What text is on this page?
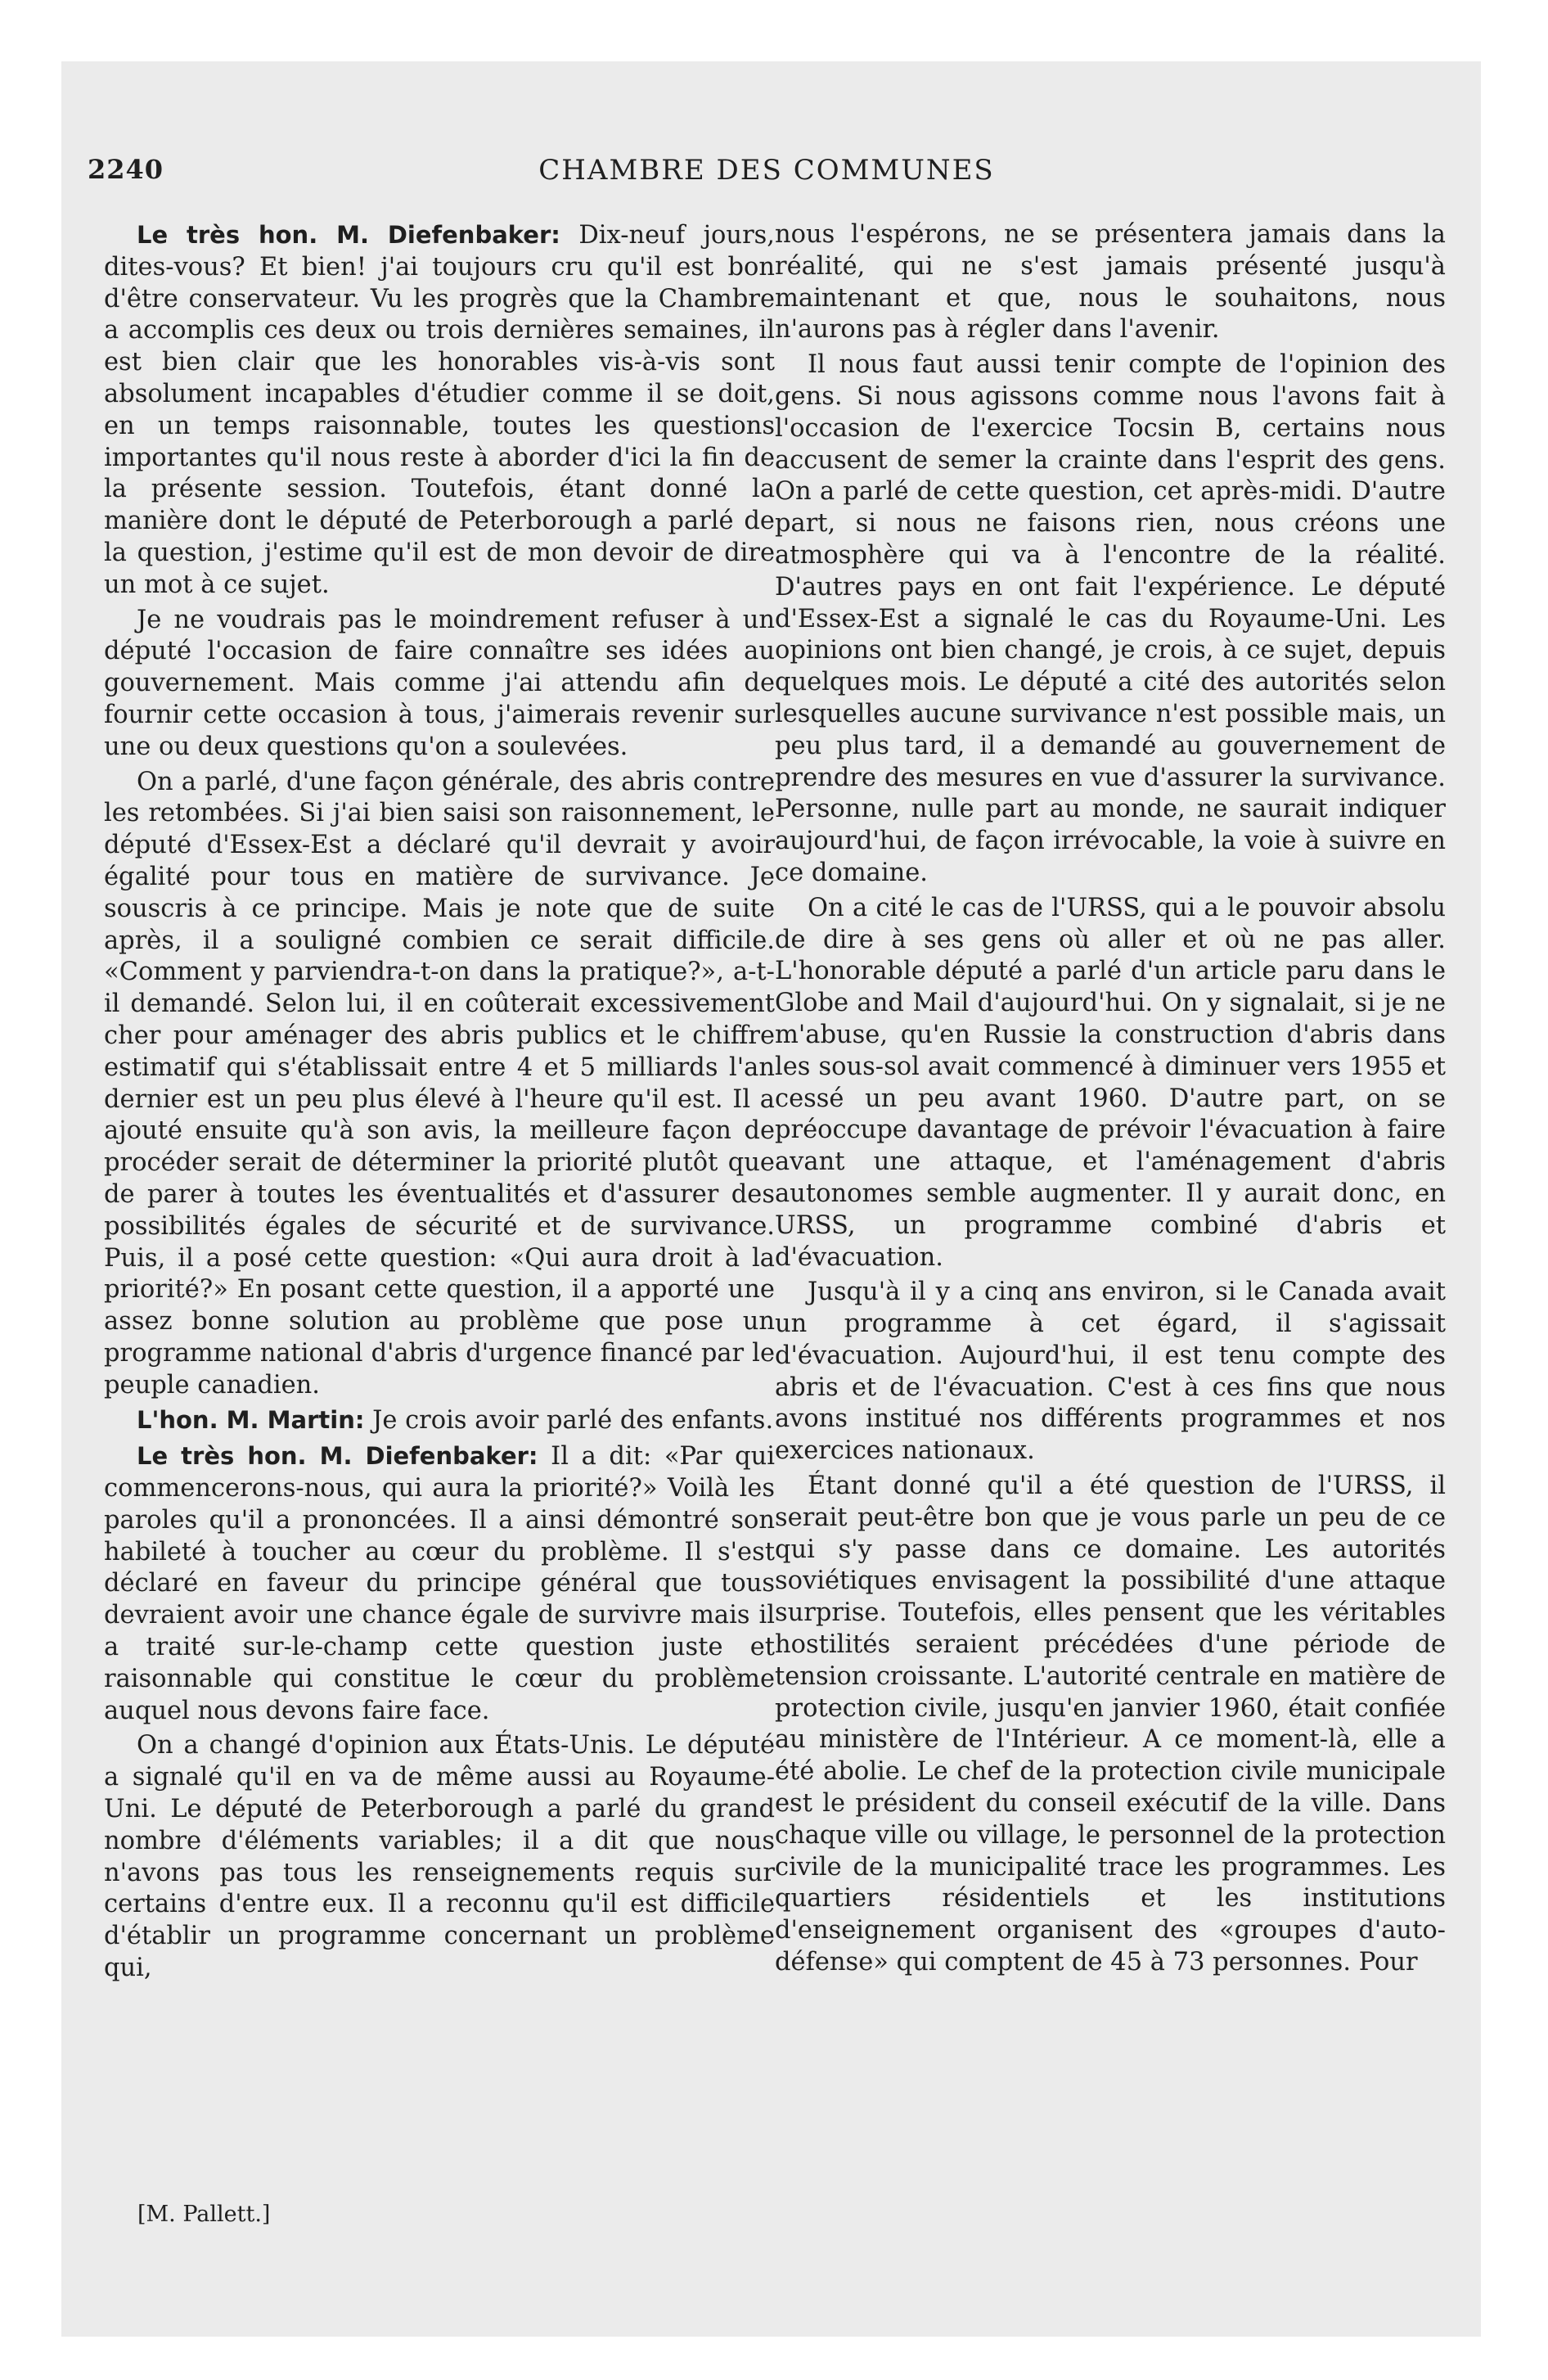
2240	CHAMBRE DES COMMUNES

Le très hon. M. Diefenbaker: Dix-neuf jours, dites-vous? Et bien! j'ai toujours cru qu'il est bon d'être conservateur. Vu les progrès que la Chambre a accomplis ces deux ou trois dernières semaines, il est bien clair que les honorables vis-à-vis sont absolument incapables d'étudier comme il se doit, en un temps raisonnable, toutes les questions importantes qu'il nous reste à aborder d'ici la fin de la présente session. Toutefois, étant donné la manière dont le député de Peterborough a parlé de la question, j'estime qu'il est de mon devoir de dire un mot à ce sujet.

Je ne voudrais pas le moindrement refuser à un député l'occasion de faire connaître ses idées au gouvernement. Mais comme j'ai attendu afin de fournir cette occasion à tous, j'aimerais revenir sur une ou deux questions qu'on a soulevées.

On a parlé, d'une façon générale, des abris contre les retombées. Si j'ai bien saisi son raisonnement, le député d'Essex-Est a déclaré qu'il devrait y avoir égalité pour tous en matière de survivance. Je souscris à ce principe. Mais je note que de suite après, il a souligné combien ce serait difficile. «Comment y parviendra-t-on dans la pratique?», a-t-il demandé. Selon lui, il en coûterait excessivement cher pour aménager des abris publics et le chiffre estimatif qui s'établissait entre 4 et 5 milliards l'an dernier est un peu plus élevé à l'heure qu'il est. Il a ajouté ensuite qu'à son avis, la meilleure façon de procéder serait de déterminer la priorité plutôt que de parer à toutes les éventualités et d'assurer des possibilités égales de sécurité et de survivance. Puis, il a posé cette question: «Qui aura droit à la priorité?» En posant cette question, il a apporté une assez bonne solution au problème que pose un programme national d'abris d'urgence financé par le peuple canadien.

L'hon. M. Martin: Je crois avoir parlé des enfants.

Le très hon. M. Diefenbaker: Il a dit: «Par qui commencerons-nous, qui aura la priorité?» Voilà les paroles qu'il a prononcées. Il a ainsi démontré son habileté à toucher au cœur du problème. Il s'est déclaré en faveur du principe général que tous devraient avoir une chance égale de survivre mais il a traité sur-le-champ cette question juste et raisonnable qui constitue le cœur du problème auquel nous devons faire face.

On a changé d'opinion aux États-Unis. Le député a signalé qu'il en va de même aussi au Royaume-Uni. Le député de Peterborough a parlé du grand nombre d'éléments variables; il a dit que nous n'avons pas tous les renseignements requis sur certains d'entre eux. Il a reconnu qu'il est difficile d'établir un programme concernant un problème qui,

nous l'espérons, ne se présentera jamais dans la réalité, qui ne s'est jamais présenté jusqu'à maintenant et que, nous le souhaitons, nous n'aurons pas à régler dans l'avenir.

Il nous faut aussi tenir compte de l'opinion des gens. Si nous agissons comme nous l'avons fait à l'occasion de l'exercice Tocsin B, certains nous accusent de semer la crainte dans l'esprit des gens. On a parlé de cette question, cet après-midi. D'autre part, si nous ne faisons rien, nous créons une atmosphère qui va à l'encontre de la réalité. D'autres pays en ont fait l'expérience. Le député d'Essex-Est a signalé le cas du Royaume-Uni. Les opinions ont bien changé, je crois, à ce sujet, depuis quelques mois. Le député a cité des autorités selon lesquelles aucune survivance n'est possible mais, un peu plus tard, il a demandé au gouvernement de prendre des mesures en vue d'assurer la survivance. Personne, nulle part au monde, ne saurait indiquer aujourd'hui, de façon irrévocable, la voie à suivre en ce domaine.

On a cité le cas de l'URSS, qui a le pouvoir absolu de dire à ses gens où aller et où ne pas aller. L'honorable député a parlé d'un article paru dans le Globe and Mail d'aujourd'hui. On y signalait, si je ne m'abuse, qu'en Russie la construction d'abris dans les sous-sol avait commencé à diminuer vers 1955 et cessé un peu avant 1960. D'autre part, on se préoccupe davantage de prévoir l'évacuation à faire avant une attaque, et l'aménagement d'abris autonomes semble augmenter. Il y aurait donc, en URSS, un programme combiné d'abris et d'évacuation.

Jusqu'à il y a cinq ans environ, si le Canada avait un programme à cet égard, il s'agissait d'évacuation. Aujourd'hui, il est tenu compte des abris et de l'évacuation. C'est à ces fins que nous avons institué nos différents programmes et nos exercices nationaux.

Étant donné qu'il a été question de l'URSS, il serait peut-être bon que je vous parle un peu de ce qui s'y passe dans ce domaine. Les autorités soviétiques envisagent la possibilité d'une attaque surprise. Toutefois, elles pensent que les véritables hostilités seraient précédées d'une période de tension croissante. L'autorité centrale en matière de protection civile, jusqu'en janvier 1960, était confiée au ministère de l'Intérieur. A ce moment-là, elle a été abolie. Le chef de la protection civile municipale est le président du conseil exécutif de la ville. Dans chaque ville ou village, le personnel de la protection civile de la municipalité trace les programmes. Les quartiers résidentiels et les institutions d'enseignement organisent des «groupes d'auto-défense» qui comptent de 45 à 73 personnes. Pour

[M. Pallett.]
